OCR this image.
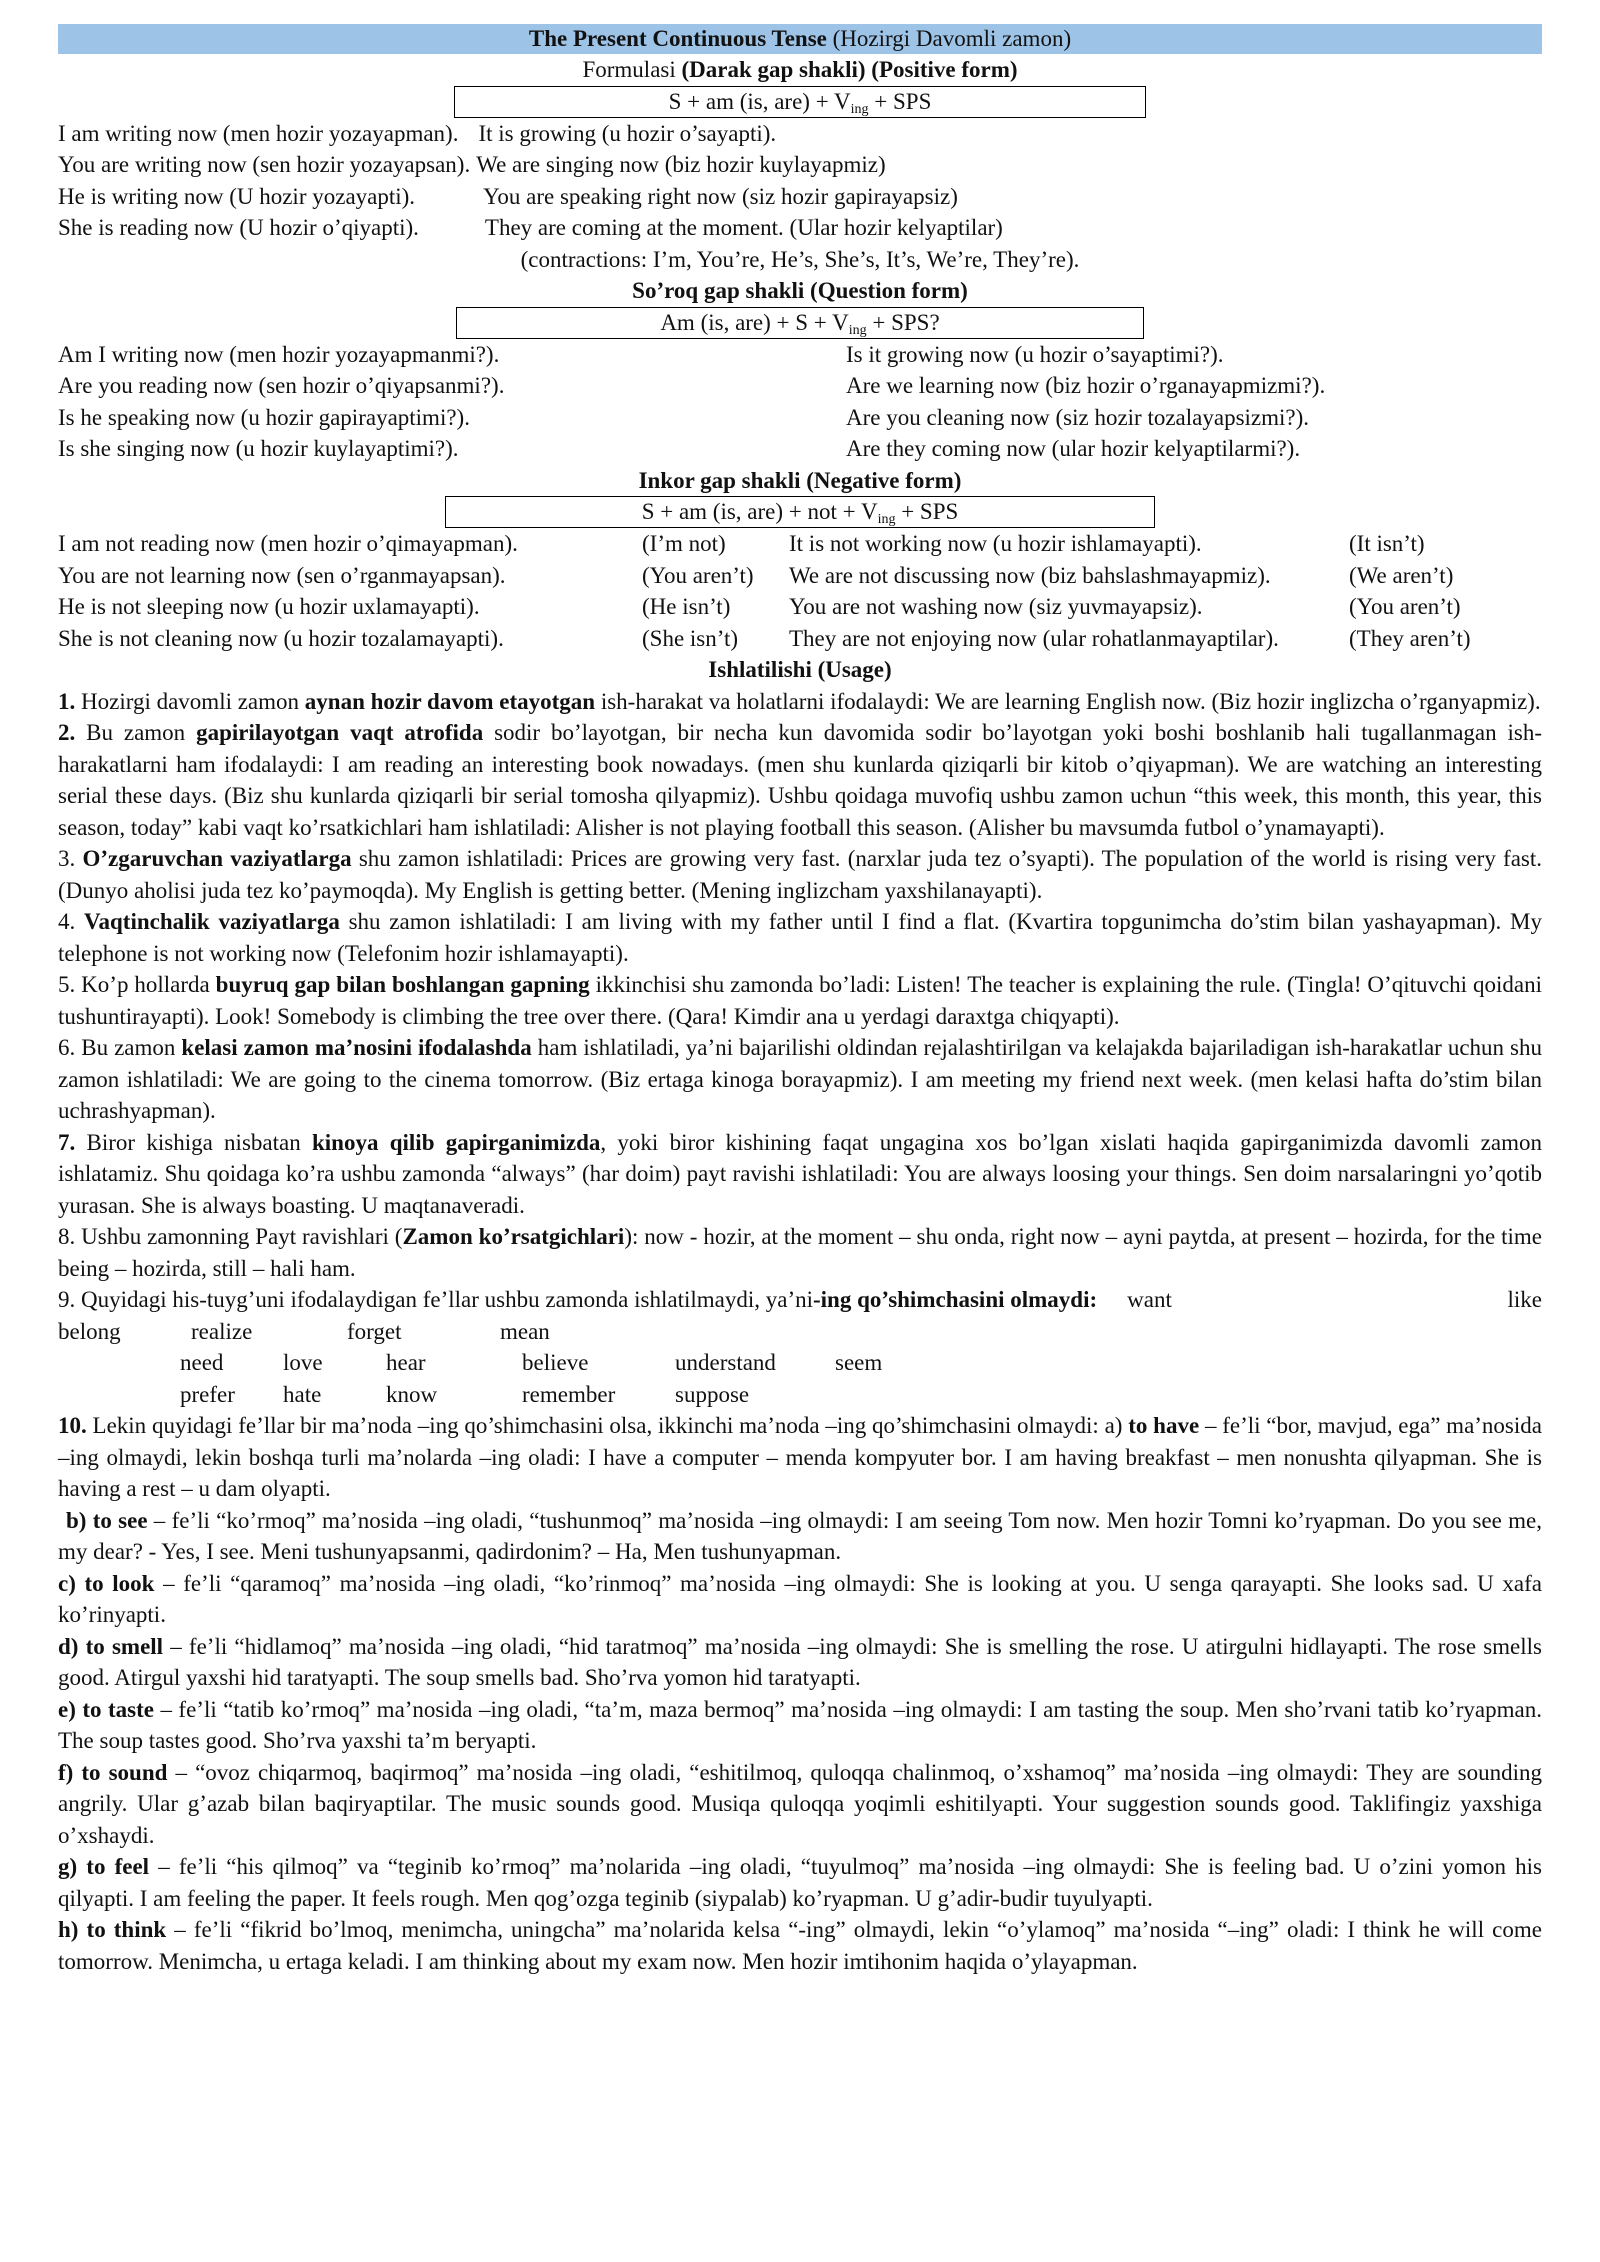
The Present Continuous Tense (Hozirgi Davomli zamon)
Formulasi (Darak gap shakli) (Positive form)
S + am (is, $are) + V_{ing}$ + SPS
I am writing now (men hozir yozayapman). It is growing (u hozir o’sayapti).
You are writing now (sen hozir yozayapsan). We are singing now (biz hozir kuylayapmiz)
He is writing now (U hozir yozayapti).	You are speaking right now (siz hozir gapirayapsiz)
She is reading now (U hozir o’qiyapti).	They are coming at the moment. (Ular hozir kelyaptilar)
(contractions: I’m, You’re, He’s, She’s, It’s, We’re, They’re).
So’roq gap shakli (Question form)
Am (is, $are) + S + V_{ing}$ + SPS?
Am I writing now (men hozir yozayapmanmi?).	Is it growing now (u hozir o’sayaptimi?).
Are you reading now (sen hozir o’qiyapsanmi?).	Are we learning now (biz hozir o’rganayapmizmi?).
Is he speaking now (u hozir gapirayaptimi?).	Are you cleaning now (siz hozir tozalayapsizmi?).
Is she singing now (u hozir kuylayaptimi?).	Are they coming now (ular hozir kelyaptilarmi?).
Inkor gap shakli (Negative form)
S + am (is, are) + not + $V_{ing}$ + SPS
I am not reading now (men hozir o’qimayapman).	(I’m not)	It is not working now (u hozir ishlamayapti).	(It isn’t)
You are not learning now (sen o’rganmayapsan).	(You aren’t)	We are not discussing now (biz bahslashmayapmiz).	(We aren’t)
He is not sleeping now (u hozir uxlamayapti).	(He isn’t)	You are not washing now (siz yuvmayapsiz).	(You aren’t)
She is not cleaning now (u hozir tozalamayapti).	(She isn’t)	They are not enjoying now (ular rohatlanmayaptilar).	(They aren’t)
Ishlatilishi (Usage)

1. Hozirgi davomli zamon aynan hozir davom etayotgan ish-harakat va holatlarni ifodalaydi: We are learning English now. (Biz hozir inglizcha o’rganyapmiz).

2. Bu zamon gapirilayotgan vaqt atrofida sodir bo’layotgan, bir necha kun davomida sodir bo’layotgan yoki boshi boshlanib hali tugallanmagan ish-harakatlarni ham ifodalaydi: I am reading an interesting book nowadays. (men shu kunlarda qiziqarli bir kitob o’qiyapman). We are watching an interesting serial these days. (Biz shu kunlarda qiziqarli bir serial tomosha qilyapmiz). Ushbu qoidaga muvofiq ushbu zamon uchun “this week, this month, this year, this season, today” kabi vaqt ko’rsatkichlari ham ishlatiladi: Alisher is not playing football this season. (Alisher bu mavsumda futbol o’ynamayapti).

3. O’zgaruvchan vaziyatlarga shu zamon ishlatiladi: Prices are growing very fast. (narxlar juda tez o’syapti). The population of the world is rising very fast. (Dunyo aholisi juda tez ko’paymoqda). My English is getting better. (Mening inglizcham yaxshilanayapti).

4. Vaqtinchalik vaziyatlarga shu zamon ishlatiladi: I am living with my father until I find a flat. (Kvartira topgunimcha do’stim bilan yashayapman). My telephone is not working now (Telefonim hozir ishlamayapti).

5. Ko’p hollarda buyruq gap bilan boshlangan gapning ikkinchisi shu zamonda bo’ladi: Listen! The teacher is explaining the rule. (Tingla! O’qituvchi qoidani tushuntirayapti). Look! Somebody is climbing the tree over there. (Qara! Kimdir ana u yerdagi daraxtga chiqyapti).

6. Bu zamon kelasi zamon ma’nosini ifodalashda ham ishlatiladi, ya’ni bajarilishi oldindan rejalashtirilgan va kelajakda bajariladigan ish-harakatlar uchun shu zamon ishlatiladi: We are going to the cinema tomorrow. (Biz ertaga kinoga borayapmiz). I am meeting my friend next week. (men kelasi hafta do’stim bilan uchrashyapman).

7. Biror kishiga nisbatan kinoya qilib gapirganimizda, yoki biror kishining faqat ungagina xos bo’lgan xislati haqida gapirganimizda davomli zamon ishlatamiz. Shu qoidaga ko’ra ushbu zamonda “always” (har doim) payt ravishi ishlatiladi: You are always loosing your things. Sen doim narsalaringni yo’qotib yurasan. She is always boasting. U maqtanaveradi.

8. Ushbu zamonning Payt ravishlari (Zamon ko’rsatgichlari): now - hozir, at the moment – shu onda, right now – ayni paytda, at present – hozirda, for the time being – hozirda, still – hali ham.

9. Quyidagi his-tuyg’uni ifodalaydigan fe’llar ushbu zamonda ishlatilmaydi, ya’ni -ing qo’shimchasini olmaydi: want	like
belong	realize	forget	mean
need	love	hear	believe	understand	seem
prefer	hate	know	remember	suppose

10. Lekin quyidagi fe’llar bir ma’noda –ing qo’shimchasini olsa, ikkinchi ma’noda –ing qo’shimchasini olmaydi: a) to have – fe’li “bor, mavjud, ega” ma’nosida –ing olmaydi, lekin boshqa turli ma’nolarda –ing oladi: I have a computer – menda kompyuter bor. I am having breakfast – men nonushta qilyapman. She is having a rest – u dam olyapti.

b) to see – fe’li “ko’rmoq” ma’nosida –ing oladi, “tushunmoq” ma’nosida –ing olmaydi: I am seeing Tom now. Men hozir Tomni ko’ryapman. Do you see me, my dear? - Yes, I see. Meni tushunyapsanmi, qadirdonim? – Ha, Men tushunyapman.

c) to look – fe’li “qaramoq” ma’nosida –ing oladi, “ko’rinmoq” ma’nosida –ing olmaydi: She is looking at you. U senga qarayapti. She looks sad. U xafa ko’rinyapti.

d) to smell – fe’li “hidlamoq” ma’nosida –ing oladi, “hid taratmoq” ma’nosida –ing olmaydi: She is smelling the rose. U atirgulni hidlayapti. The rose smells good. Atirgul yaxshi hid taratyapti. The soup smells bad. Sho’rva yomon hid taratyapti.

e) to taste – fe’li “tatib ko’rmoq” ma’nosida –ing oladi, “ta’m, maza bermoq” ma’nosida –ing olmaydi: I am tasting the soup. Men sho’rvani tatib ko’ryapman. The soup tastes good. Sho’rva yaxshi ta’m beryapti.

f) to sound – “ovoz chiqarmoq, baqirmoq” ma’nosida –ing oladi, “eshitilmoq, quloqqa chalinmoq, o’xshamoq” ma’nosida –ing olmaydi: They are sounding angrily. Ular g’azab bilan baqiryaptilar. The music sounds good. Musiqa quloqqa yoqimli eshitilyapti. Your suggestion sounds good. Taklifingiz yaxshiga o’xshaydi.

g) to feel – fe’li “his qilmoq” va “teginib ko’rmoq” ma’nolarida –ing oladi, “tuyulmoq” ma’nosida –ing olmaydi: She is feeling bad. U o’zini yomon his qilyapti. I am feeling the paper. It feels rough. Men qog’ozga teginib (siypalab) ko’ryapman. U g’adir-budir tuyulyapti.

h) to think – fe’li “fikrid bo’lmoq, menimcha, uningcha” ma’nolarida kelsa “-ing” olmaydi, lekin “o’ylamoq” ma’nosida “–ing” oladi: I think he will come tomorrow. Menimcha, u ertaga keladi. I am thinking about my exam now. Men hozir imtihonim haqida o’ylayapman.
